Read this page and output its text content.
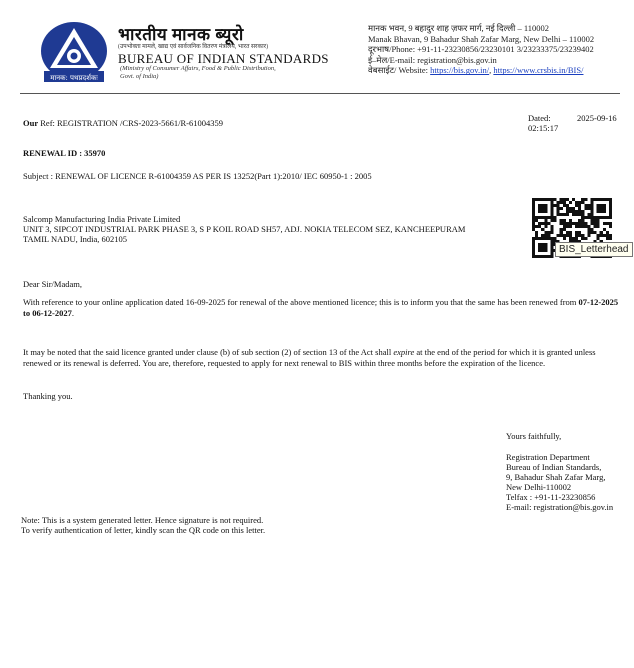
मानक: पथप्रदर्शकः
भारतीय मानक ब्यूरो
(उपभोक्ता मामले, खाद्य एवं सार्वजनिक वितरण मंत्रालय, भारत सरकार)
BUREAU OF INDIAN STANDARDS
(Ministry of Consumer Affairs, Food & Public Distribution,
Govt. of India)
मानक भवन, 9 बहादुर शाह ज़फर मार्ग, नई दिल्ली – 110002
Manak Bhavan, 9 Bahadur Shah Zafar Marg, New Delhi – 110002
दूरभाष/Phone: +91-11-23230856/23230101 3/23233375/23239402
ई–मेल/E-mail: registration@bis.gov.in
वेबसाईट/ Website: https://bis.gov.in/, https://www.crsbis.in/BIS/
Our Ref: REGISTRATION /CRS-2023-5661/R-61004359	Dated:	2025-09-16
02:15:17
RENEWAL ID : 35970
Subject : RENEWAL OF LICENCE R-61004359 AS PER IS 13252(Part 1):2010/ IEC 60950-1 : 2005
Salcomp Manufacturing India Private Limited
UNIT 3, SIPCOT INDUSTRIAL PARK PHASE 3, S P KOIL ROAD SH57, ADJ. NOKIA TELECOM SEZ, KANCHEEPURAM
TAMIL NADU, India, 602105
BIS_Letterhead
Dear Sir/Madam,
With reference to your online application dated 16-09-2025 for renewal of the above mentioned licence; this is to inform you that the same has been renewed from 07-12-2025 to 06-12-2027.
It may be noted that the said licence granted under clause (b) of sub section (2) of section 13 of the Act shall expire at the end of the period for which it is granted unless renewed or its renewal is deferred. You are, therefore, requested to apply for next renewal to BIS within three months before the expiration of the licence.
Thanking you.
Yours faithfully,
Registration Department
Bureau of Indian Standards,
9, Bahadur Shah Zafar Marg,
New Delhi-110002
Telfax : +91-11-23230856
E-mail: registration@bis.gov.in
Note: This is a system generated letter. Hence signature is not required.
To verify authentication of letter, kindly scan the QR code on this letter.
